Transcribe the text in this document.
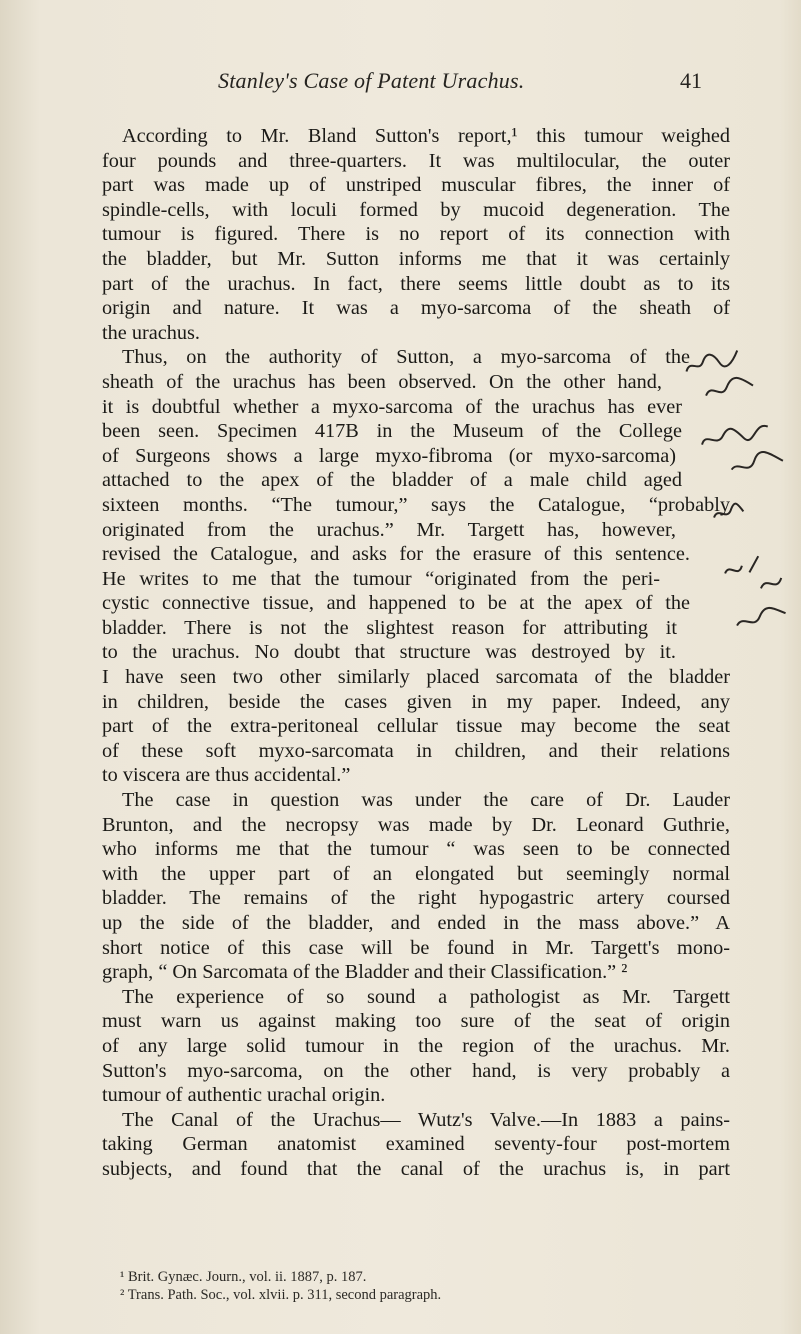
Stanley's Case of Patent Urachus.	41
According to Mr. Bland Sutton's report,¹ this tumour weighed
four pounds and three-quarters. It was multilocular, the outer
part was made up of unstriped muscular fibres, the inner of
spindle-cells, with loculi formed by mucoid degeneration. The
tumour is figured. There is no report of its connection with
the bladder, but Mr. Sutton informs me that it was certainly
part of the urachus. In fact, there seems little doubt as to its
origin and nature. It was a myo-sarcoma of the sheath of
the urachus.
Thus, on the authority of Sutton, a myo-sarcoma of the
sheath of the urachus has been observed. On the other hand,
it is doubtful whether a myxo-sarcoma of the urachus has ever
been seen. Specimen 417B in the Museum of the College
of Surgeons shows a large myxo-fibroma (or myxo-sarcoma)
attached to the apex of the bladder of a male child aged
sixteen months. “The tumour,” says the Catalogue, “probably
originated from the urachus.” Mr. Targett has, however,
revised the Catalogue, and asks for the erasure of this sentence.
He writes to me that the tumour “originated from the peri-
cystic connective tissue, and happened to be at the apex of the
bladder. There is not the slightest reason for attributing it
to the urachus. No doubt that structure was destroyed by it.
I have seen two other similarly placed sarcomata of the bladder
in children, beside the cases given in my paper. Indeed, any
part of the extra-peritoneal cellular tissue may become the seat
of these soft myxo-sarcomata in children, and their relations
to viscera are thus accidental.”
The case in question was under the care of Dr. Lauder
Brunton, and the necropsy was made by Dr. Leonard Guthrie,
who informs me that the tumour “ was seen to be connected
with the upper part of an elongated but seemingly normal
bladder. The remains of the right hypogastric artery coursed
up the side of the bladder, and ended in the mass above.” A
short notice of this case will be found in Mr. Targett's mono-
graph, “ On Sarcomata of the Bladder and their Classification.” ²
The experience of so sound a pathologist as Mr. Targett
must warn us against making too sure of the seat of origin
of any large solid tumour in the region of the urachus. Mr.
Sutton's myo-sarcoma, on the other hand, is very probably a
tumour of authentic urachal origin.
The Canal of the Urachus— Wutz's Valve.—In 1883 a pains-
taking German anatomist examined seventy-four post-mortem
subjects, and found that the canal of the urachus is, in part
¹ Brit. Gynæc. Journ., vol. ii. 1887, p. 187.
² Trans. Path. Soc., vol. xlvii. p. 311, second paragraph.
